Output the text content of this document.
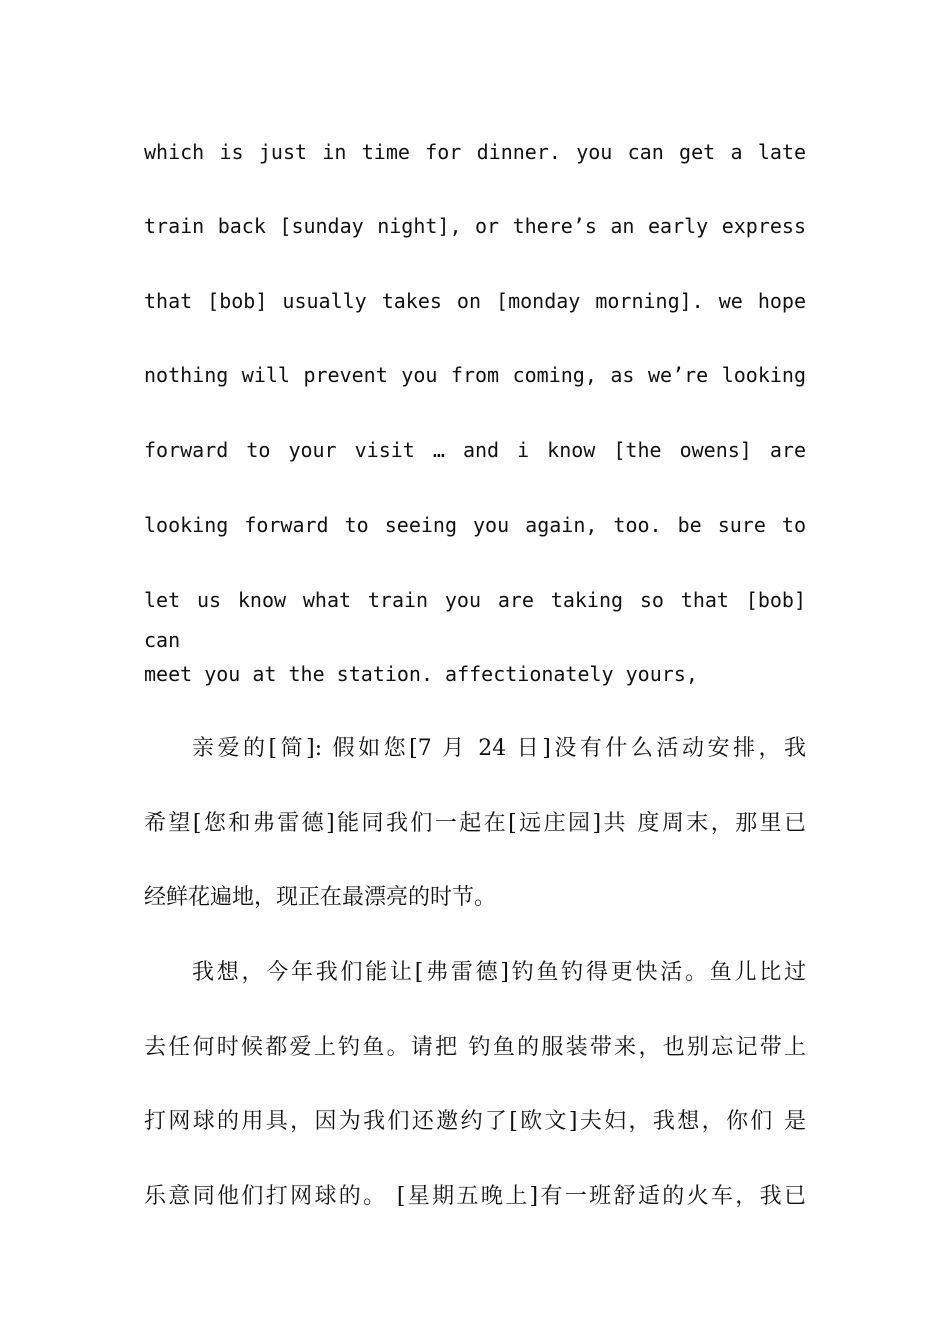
which is just in time for dinner. you can get a late
train back [sunday night], or there’s an early express
that [bob] usually takes on [monday morning]. we hope
nothing will prevent you from coming, as we’re looking
forward to your visit … and i know [the owens] are
looking forward to seeing you again, too. be sure to
let us know what train you are taking so that [bob] can
meet you at the station. affectionately yours,
亲爱的[简]: 假如您[7 月 24 日]没有什么活动安排，我
希望[您和弗雷德]能同我们一起在[远庄园]共 度周末，那里已
经鲜花遍地，现正在最漂亮的时节。
我想，今年我们能让[弗雷德]钓鱼钓得更快活。鱼儿比过
去任何时候都爱上钓鱼。请把 钓鱼的服装带来，也别忘记带上
打网球的用具，因为我们还邀约了[欧文]夫妇，我想，你们 是
乐意同他们打网球的。 [星期五晚上]有一班舒适的火车，我已
